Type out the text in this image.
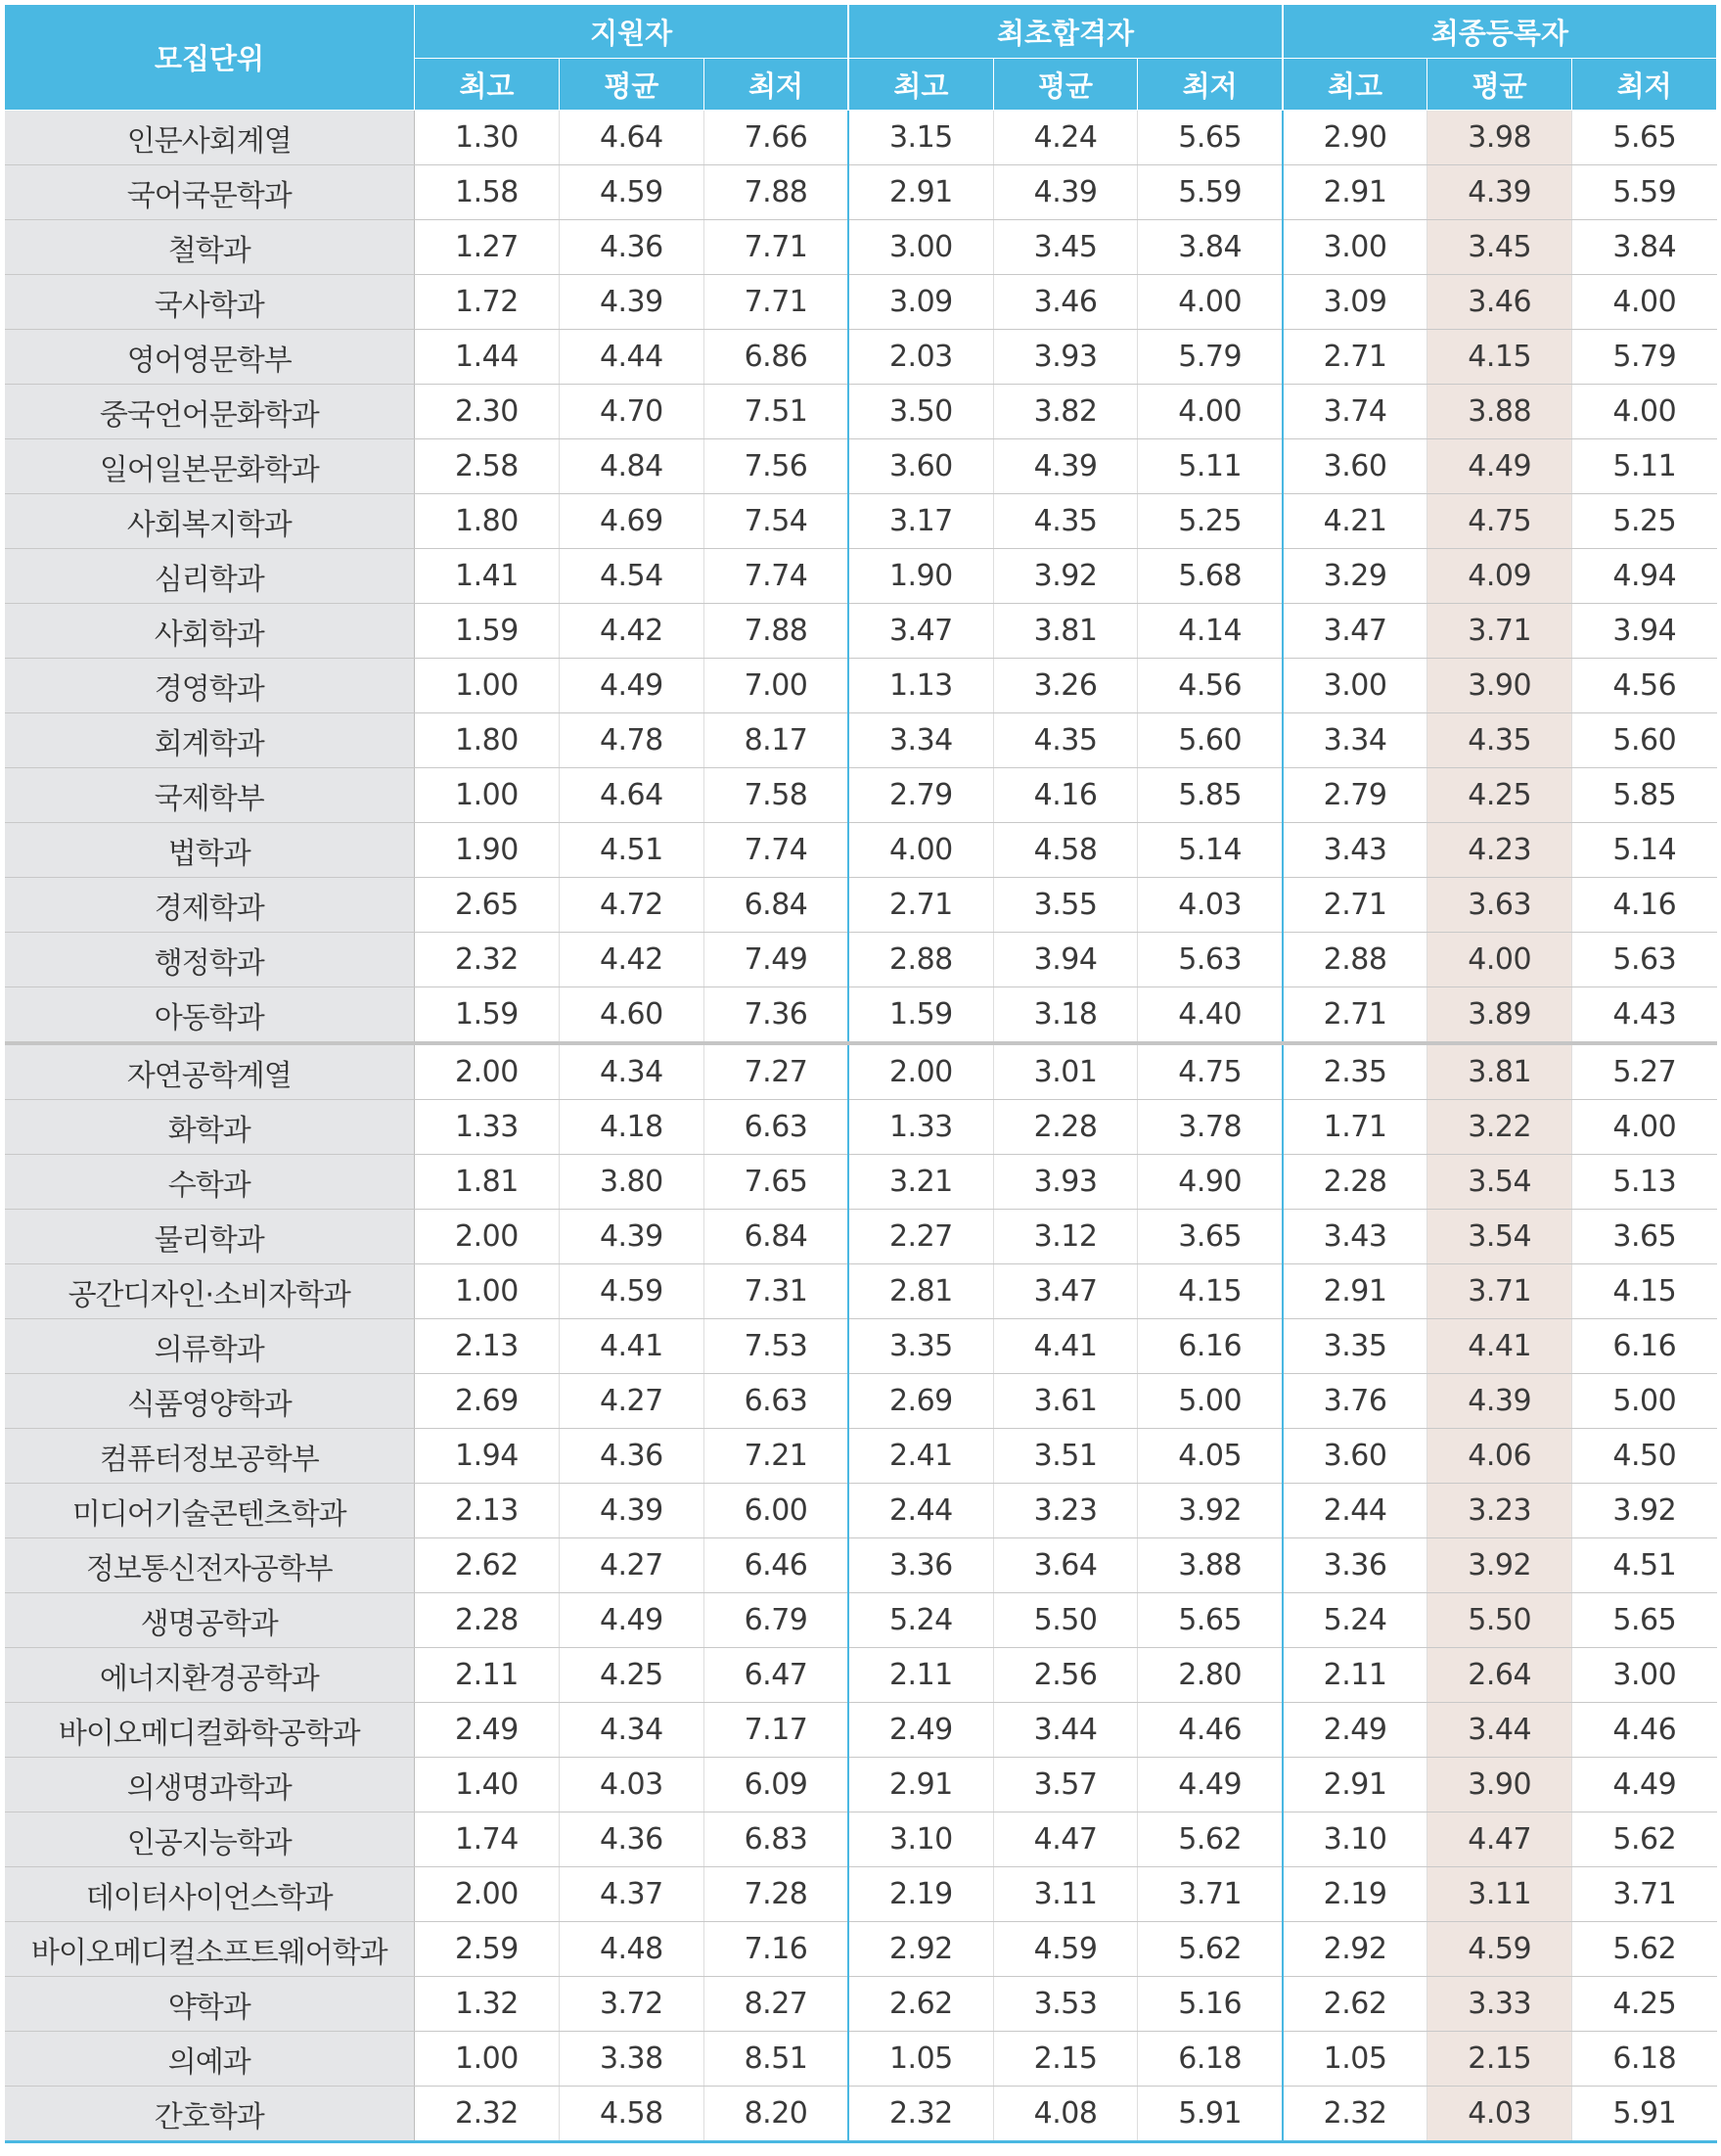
모집단위	지원자			최초합격자			최종등록자		
	최고	평균	최저	최고	평균	최저	최고	평균	최저
인문사회계열	1.30	4.64	7.66	3.15	4.24	5.65	2.90	3.98	5.65
국어국문학과	1.58	4.59	7.88	2.91	4.39	5.59	2.91	4.39	5.59
철학과	1.27	4.36	7.71	3.00	3.45	3.84	3.00	3.45	3.84
국사학과	1.72	4.39	7.71	3.09	3.46	4.00	3.09	3.46	4.00
영어영문학부	1.44	4.44	6.86	2.03	3.93	5.79	2.71	4.15	5.79
중국언어문화학과	2.30	4.70	7.51	3.50	3.82	4.00	3.74	3.88	4.00
일어일본문화학과	2.58	4.84	7.56	3.60	4.39	5.11	3.60	4.49	5.11
사회복지학과	1.80	4.69	7.54	3.17	4.35	5.25	4.21	4.75	5.25
심리학과	1.41	4.54	7.74	1.90	3.92	5.68	3.29	4.09	4.94
사회학과	1.59	4.42	7.88	3.47	3.81	4.14	3.47	3.71	3.94
경영학과	1.00	4.49	7.00	1.13	3.26	4.56	3.00	3.90	4.56
회계학과	1.80	4.78	8.17	3.34	4.35	5.60	3.34	4.35	5.60
국제학부	1.00	4.64	7.58	2.79	4.16	5.85	2.79	4.25	5.85
법학과	1.90	4.51	7.74	4.00	4.58	5.14	3.43	4.23	5.14
경제학과	2.65	4.72	6.84	2.71	3.55	4.03	2.71	3.63	4.16
행정학과	2.32	4.42	7.49	2.88	3.94	5.63	2.88	4.00	5.63
아동학과	1.59	4.60	7.36	1.59	3.18	4.40	2.71	3.89	4.43
자연공학계열	2.00	4.34	7.27	2.00	3.01	4.75	2.35	3.81	5.27
화학과	1.33	4.18	6.63	1.33	2.28	3.78	1.71	3.22	4.00
수학과	1.81	3.80	7.65	3.21	3.93	4.90	2.28	3.54	5.13
물리학과	2.00	4.39	6.84	2.27	3.12	3.65	3.43	3.54	3.65
공간디자인·소비자학과	1.00	4.59	7.31	2.81	3.47	4.15	2.91	3.71	4.15
의류학과	2.13	4.41	7.53	3.35	4.41	6.16	3.35	4.41	6.16
식품영양학과	2.69	4.27	6.63	2.69	3.61	5.00	3.76	4.39	5.00
컴퓨터정보공학부	1.94	4.36	7.21	2.41	3.51	4.05	3.60	4.06	4.50
미디어기술콘텐츠학과	2.13	4.39	6.00	2.44	3.23	3.92	2.44	3.23	3.92
정보통신전자공학부	2.62	4.27	6.46	3.36	3.64	3.88	3.36	3.92	4.51
생명공학과	2.28	4.49	6.79	5.24	5.50	5.65	5.24	5.50	5.65
에너지환경공학과	2.11	4.25	6.47	2.11	2.56	2.80	2.11	2.64	3.00
바이오메디컬화학공학과	2.49	4.34	7.17	2.49	3.44	4.46	2.49	3.44	4.46
의생명과학과	1.40	4.03	6.09	2.91	3.57	4.49	2.91	3.90	4.49
인공지능학과	1.74	4.36	6.83	3.10	4.47	5.62	3.10	4.47	5.62
데이터사이언스학과	2.00	4.37	7.28	2.19	3.11	3.71	2.19	3.11	3.71
바이오메디컬소프트웨어학과	2.59	4.48	7.16	2.92	4.59	5.62	2.92	4.59	5.62
약학과	1.32	3.72	8.27	2.62	3.53	5.16	2.62	3.33	4.25
의예과	1.00	3.38	8.51	1.05	2.15	6.18	1.05	2.15	6.18
간호학과	2.32	4.58	8.20	2.32	4.08	5.91	2.32	4.03	5.91
